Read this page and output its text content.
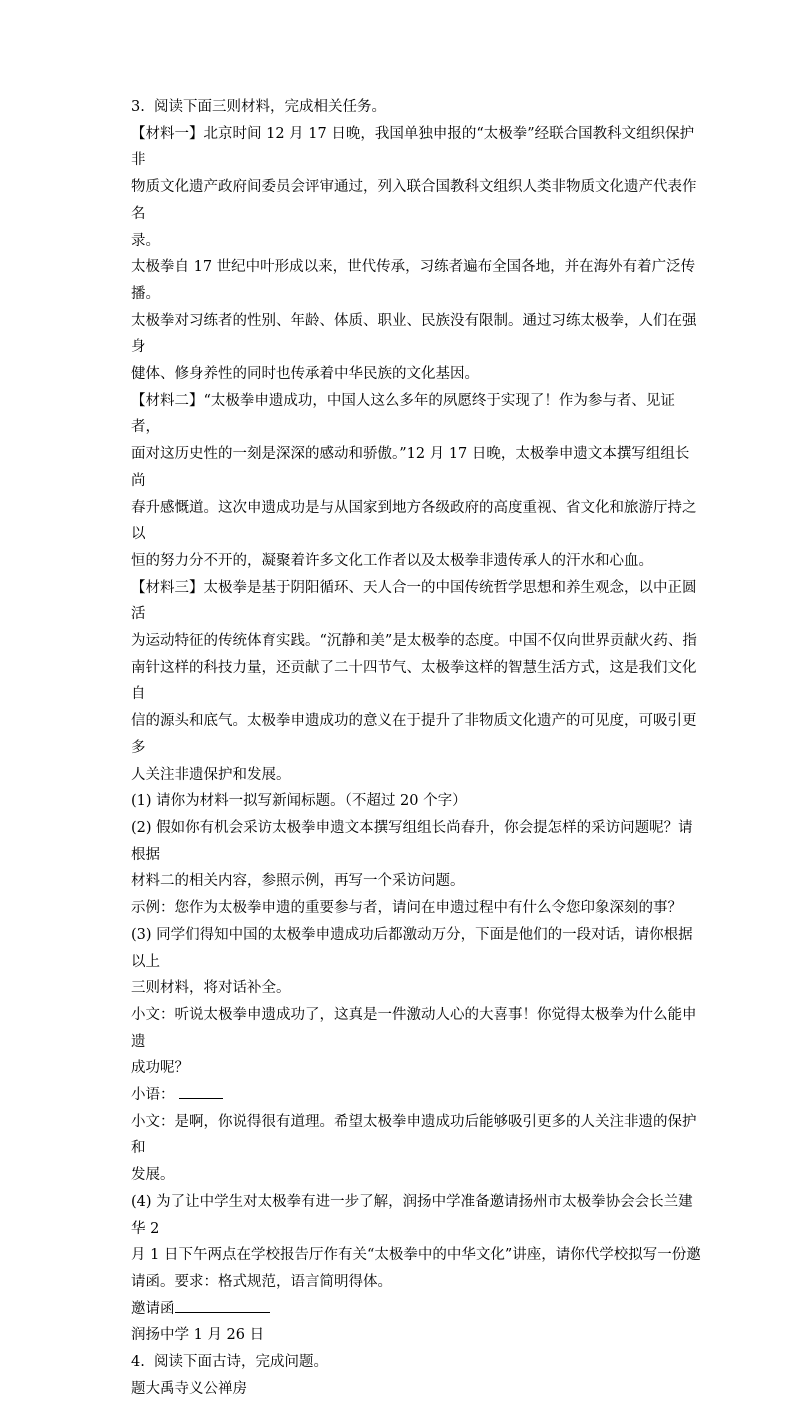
3.  阅读下面三则材料，完成相关任务。

【材料一】北京时间 12 月 17 日晚，我国单独申报的“太极拳”经联合国教科文组织保护非

物质文化遗产政府间委员会评审通过，列入联合国教科文组织人类非物质文化遗产代表作名

录。

太极拳自 17 世纪中叶形成以来，世代传承，习练者遍布全国各地，并在海外有着广泛传播。

太极拳对习练者的性别、年龄、体质、职业、民族没有限制。通过习练太极拳，人们在强身

健体、修身养性的同时也传承着中华民族的文化基因。

【材料二】“太极拳申遗成功，中国人这么多年的夙愿终于实现了！作为参与者、见证者，

面对这历史性的一刻是深深的感动和骄傲。”12 月 17 日晚，太极拳申遗文本撰写组组长尚

春升感慨道。这次申遗成功是与从国家到地方各级政府的高度重视、省文化和旅游厅持之以

恒的努力分不开的，凝聚着许多文化工作者以及太极拳非遗传承人的汗水和心血。

【材料三】太极拳是基于阴阳循环、天人合一的中国传统哲学思想和养生观念，以中正圆活

为运动特征的传统体育实践。“沉静和美”是太极拳的态度。中国不仅向世界贡献火药、指

南针这样的科技力量，还贡献了二十四节气、太极拳这样的智慧生活方式，这是我们文化自

信的源头和底气。太极拳申遗成功的意义在于提升了非物质文化遗产的可见度，可吸引更多

人关注非遗保护和发展。

(1) 请你为材料一拟写新闻标题。（不超过 20 个字）

(2) 假如你有机会采访太极拳申遗文本撰写组组长尚春升，你会提怎样的采访问题呢？请根据

材料二的相关内容，参照示例，再写一个采访问题。

示例：您作为太极拳申遗的重要参与者，请问在申遗过程中有什么令您印象深刻的事？

(3) 同学们得知中国的太极拳申遗成功后都激动万分，下面是他们的一段对话，请你根据以上

三则材料，将对话补全。

小文：听说太极拳申遗成功了，这真是一件激动人心的大喜事！你觉得太极拳为什么能申遗

成功呢？

小语：

小文：是啊，你说得很有道理。希望太极拳申遗成功后能够吸引更多的人关注非遗的保护和

发展。

(4) 为了让中学生对太极拳有进一步了解，润扬中学准备邀请扬州市太极拳协会会长兰建华 2

月 1 日下午两点在学校报告厅作有关“太极拳中的中华文化”讲座，请你代学校拟写一份邀

请函。要求：格式规范，语言简明得体。

邀请函

润扬中学 1 月 26 日

4.  阅读下面古诗，完成问题。

题大禹寺义公禅房
